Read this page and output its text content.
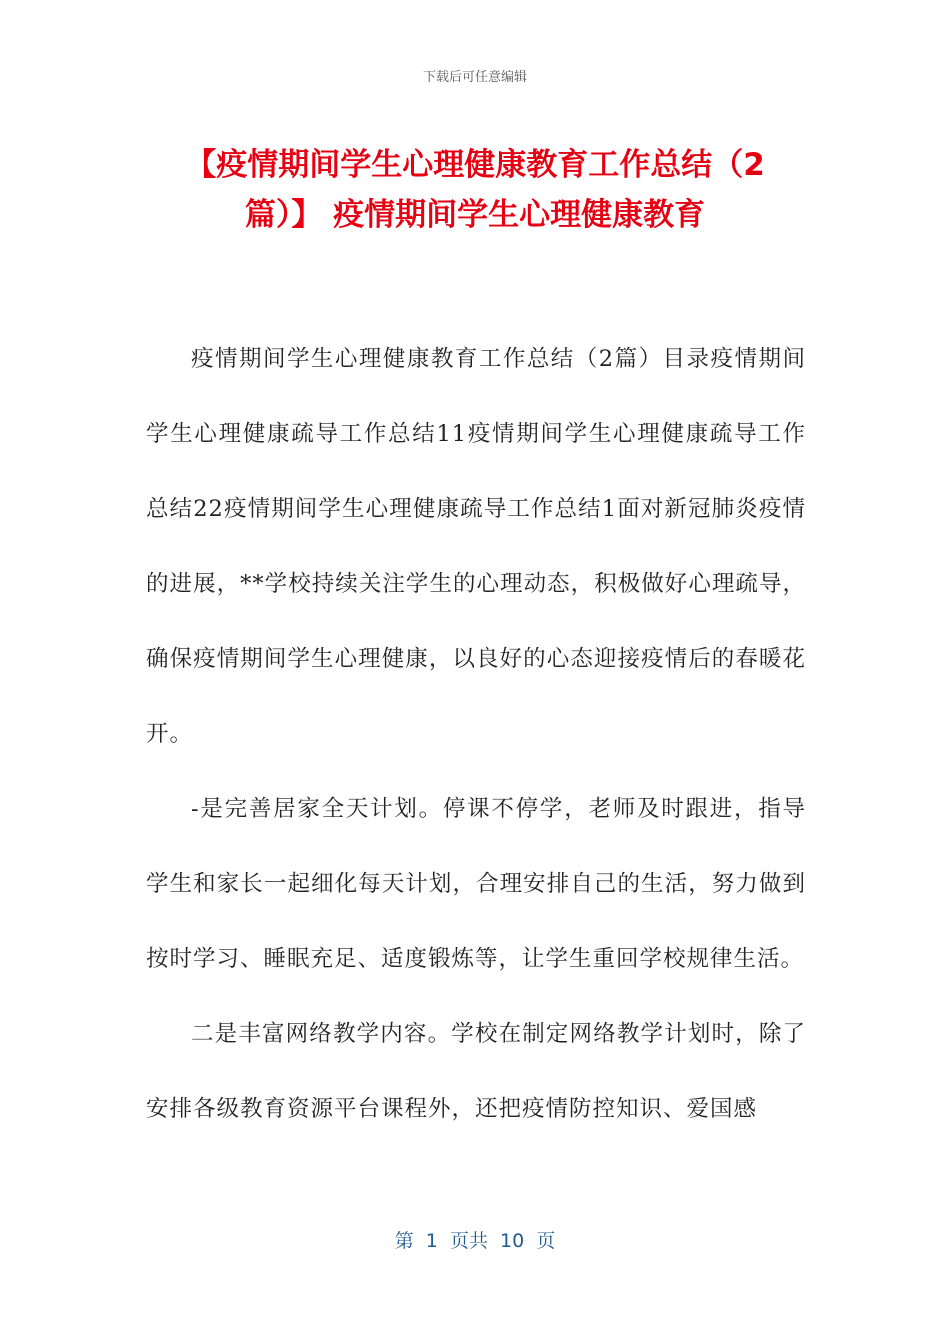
下载后可任意编辑
【疫情期间学生心理健康教育工作总结（2篇）】 疫情期间学生心理健康教育

疫情期间学生心理健康教育工作总结（2篇）目录疫情期间学生心理健康疏导工作总结11疫情期间学生心理健康疏导工作总结22疫情期间学生心理健康疏导工作总结1面对新冠肺炎疫情的进展，**学校持续关注学生的心理动态，积极做好心理疏导，确保疫情期间学生心理健康，以良好的心态迎接疫情后的春暖花开。

-是完善居家全天计划。停课不停学，老师及时跟进，指导学生和家长一起细化每天计划，合理安排自己的生活，努力做到按时学习、睡眠充足、适度锻炼等，让学生重回学校规律生活。

二是丰富网络教学内容。学校在制定网络教学计划时，除了安排各级教育资源平台课程外，还把疫情防控知识、爱国感

第  1  页共  10  页
